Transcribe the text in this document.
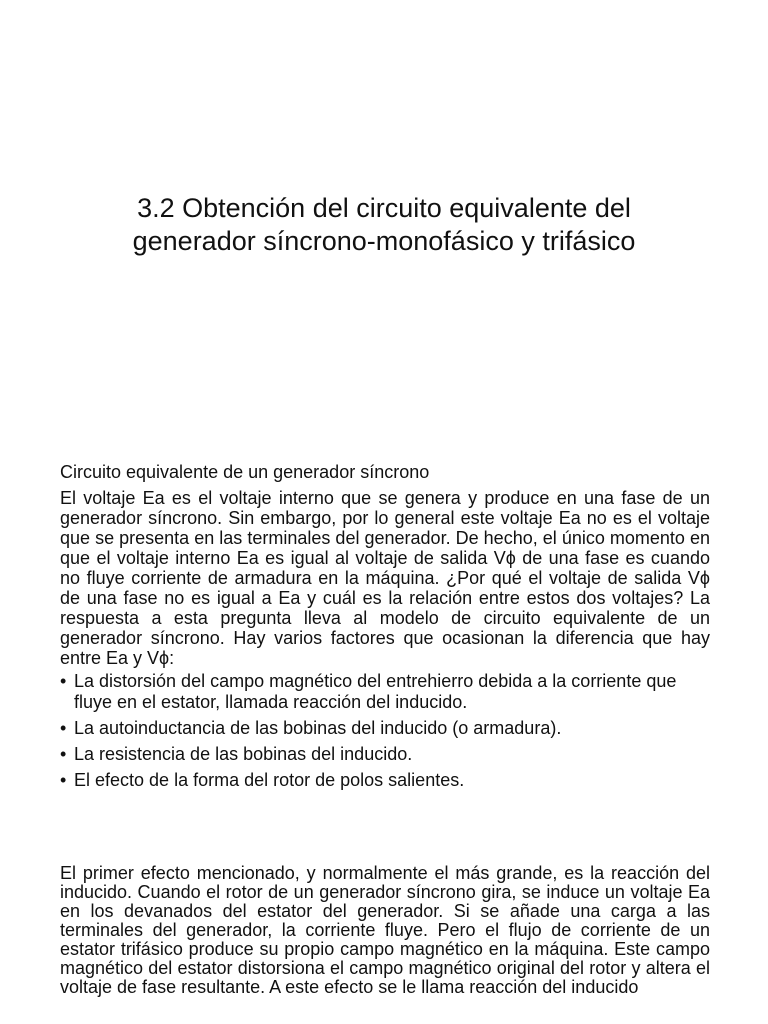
3.2 Obtención del circuito equivalente del
generador síncrono-monofásico y trifásico

Circuito equivalente de un generador síncrono

El voltaje Ea es el voltaje interno que se genera y produce en una fase de un generador síncrono. Sin embargo, por lo general este voltaje Ea no es el voltaje que se presenta en las terminales del generador. De hecho, el único momento en que el voltaje interno Ea es igual al voltaje de salida Vϕ de una fase es cuando no fluye corriente de armadura en la máquina. ¿Por qué el voltaje de salida Vϕ de una fase no es igual a Ea y cuál es la relación entre estos dos voltajes? La respuesta a esta pregunta lleva al modelo de circuito equivalente de un generador síncrono. Hay varios factores que ocasionan la diferencia que hay entre Ea y Vϕ:

• La distorsión del campo magnético del entrehierro debida a la corriente que fluye en el estator, llamada reacción del inducido.
• La autoinductancia de las bobinas del inducido (o armadura).
• La resistencia de las bobinas del inducido.
• El efecto de la forma del rotor de polos salientes.

El primer efecto mencionado, y normalmente el más grande, es la reacción del inducido. Cuando el rotor de un generador síncrono gira, se induce un voltaje Ea en los devanados del estator del generador. Si se añade una carga a las terminales del generador, la corriente fluye. Pero el flujo de corriente de un estator trifásico produce su propio campo magnético en la máquina. Este campo magnético del estator distorsiona el campo magnético original del rotor y altera el voltaje de fase resultante. A este efecto se le llama reacción del inducido
